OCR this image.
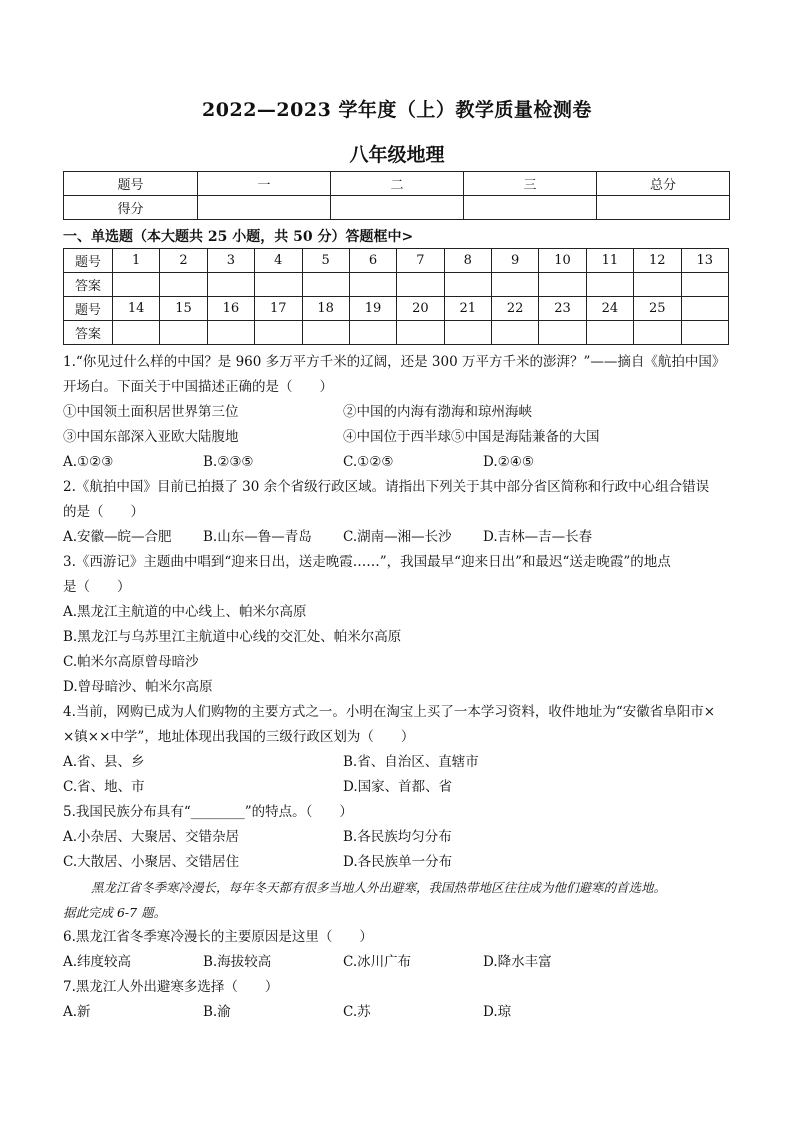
2022—2023 学年度（上）教学质量检测卷
八年级地理
题号	一	二	三	总分
得分				
一、单选题（本大题共 25 小题，共 50 分）答题框中>
题号	1	2	3	4	5	6	7	8	9	10	11	12	13
答案													
题号	14	15	16	17	18	19	20	21	22	23	24	25	
答案													
1.“你见过什么样的中国？是 960 多万平方千米的辽阔，还是 300 万平方千米的澎湃？”——摘自《航拍中国》
开场白。下面关于中国描述正确的是（　　）
①中国领土面积居世界第三位	②中国的内海有渤海和琼州海峡
③中国东部深入亚欧大陆腹地	④中国位于西半球⑤中国是海陆兼备的大国
A.①②③	B.②③⑤	C.①②⑤	D.②④⑤
2.《航拍中国》目前已拍摄了 30 余个省级行政区域。请指出下列关于其中部分省区简称和行政中心组合错误
的是（　　）
A.安徽—皖—合肥	B.山东—鲁—青岛	C.湖南—湘—长沙	D.吉林—吉—长春
3.《西游记》主题曲中唱到“迎来日出，送走晚霞……”，我国最早“迎来日出”和最迟“送走晚霞”的地点
是（　　）
A.黑龙江主航道的中心线上、帕米尔高原
B.黑龙江与乌苏里江主航道中心线的交汇处、帕米尔高原
C.帕米尔高原曾母暗沙
D.曾母暗沙、帕米尔高原
4.当前，网购已成为人们购物的主要方式之一。小明在淘宝上买了一本学习资料，收件地址为“安徽省阜阳市×
×镇××中学”，地址体现出我国的三级行政区划为（　　）
A.省、县、乡	B.省、自治区、直辖市
C.省、地、市	D.国家、首都、省
5.我国民族分布具有“________”的特点。（　　）
A.小杂居、大聚居、交错杂居	B.各民族均匀分布
C.大散居、小聚居、交错居住	D.各民族单一分布
黑龙江省冬季寒冷漫长，每年冬天都有很多当地人外出避寒，我国热带地区往往成为他们避寒的首选地。
据此完成 6-7 题。
6.黑龙江省冬季寒冷漫长的主要原因是这里（　　）
A.纬度较高	B.海拔较高	C.冰川广布	D.降水丰富
7.黑龙江人外出避寒多选择（　　）
A.新	B.渝	C.苏	D.琼
